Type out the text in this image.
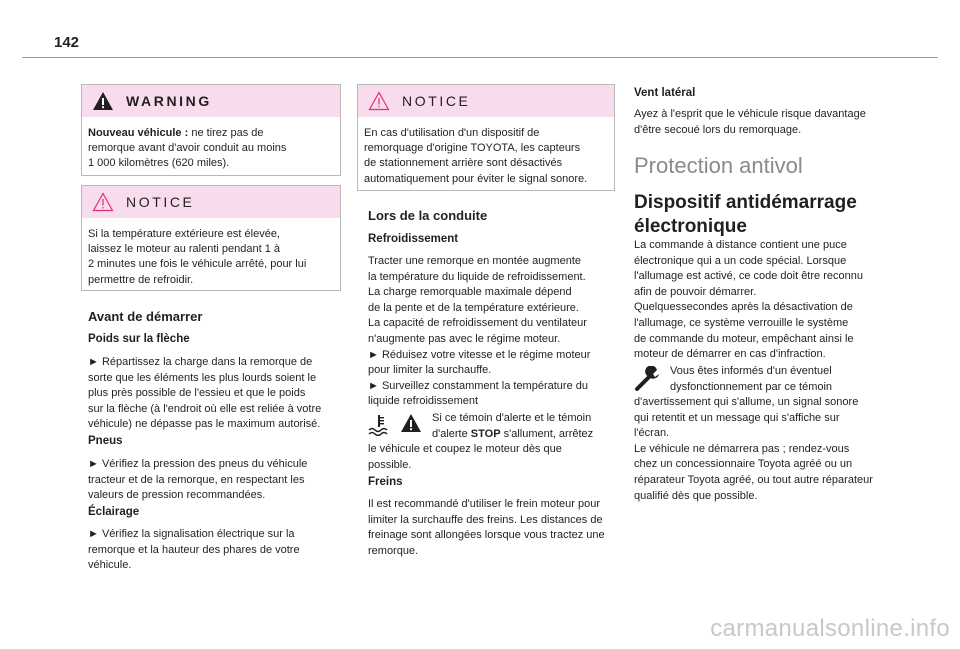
142
WARNING
Nouveau véhicule : ne tirez pas de
remorque avant d'avoir conduit au moins
1 000 kilomètres (620 miles).
NOTICE
Si la température extérieure est élevée,
laissez le moteur au ralenti pendant 1 à
2 minutes une fois le véhicule arrêté, pour lui
permettre de refroidir.
Avant de démarrer
Poids sur la flèche
► Répartissez la charge dans la remorque de
sorte que les éléments les plus lourds soient le
plus près possible de l'essieu et que le poids
sur la flèche (à l'endroit où elle est reliée à votre
véhicule) ne dépasse pas le maximum autorisé.
Pneus
► Vérifiez la pression des pneus du véhicule
tracteur et de la remorque, en respectant les
valeurs de pression recommandées.
Éclairage
► Vérifiez la signalisation électrique sur la
remorque et la hauteur des phares de votre
véhicule.
NOTICE
En cas d'utilisation d'un dispositif de
remorquage d'origine TOYOTA, les capteurs
de stationnement arrière sont désactivés
automatiquement pour éviter le signal sonore.
Lors de la conduite
Refroidissement
Tracter une remorque en montée augmente
la température du liquide de refroidissement.
La charge remorquable maximale dépend
de la pente et de la température extérieure.
La capacité de refroidissement du ventilateur
n'augmente pas avec le régime moteur.
► Réduisez votre vitesse et le régime moteur
pour limiter la surchauffe.
► Surveillez constamment la température du
liquide refroidissement
Si ce témoin d'alerte et le témoin
d'alerte STOP s'allument, arrêtez
le véhicule et coupez le moteur dès que
possible.
Freins
Il est recommandé d'utiliser le frein moteur pour
limiter la surchauffe des freins. Les distances de
freinage sont allongées lorsque vous tractez une
remorque.
Vent latéral
Ayez à l'esprit que le véhicule risque davantage
d'être secoué lors du remorquage.
Protection antivol
Dispositif antidémarrage
électronique
La commande à distance contient une puce
électronique qui a un code spécial. Lorsque
l'allumage est activé, ce code doit être reconnu
afin de pouvoir démarrer.
Quelquessecondes après la désactivation de
l'allumage, ce système verrouille le système
de commande du moteur, empêchant ainsi le
moteur de démarrer en cas d'infraction.
Vous êtes informés d'un éventuel
dysfonctionnement par ce témoin
d'avertissement qui s'allume, un signal sonore
qui retentit et un message qui s'affiche sur
l'écran.
Le véhicule ne démarrera pas ; rendez-vous
chez un concessionnaire Toyota agréé ou un
réparateur Toyota agréé, ou tout autre réparateur
qualifié dès que possible.
carmanualsonline.info
